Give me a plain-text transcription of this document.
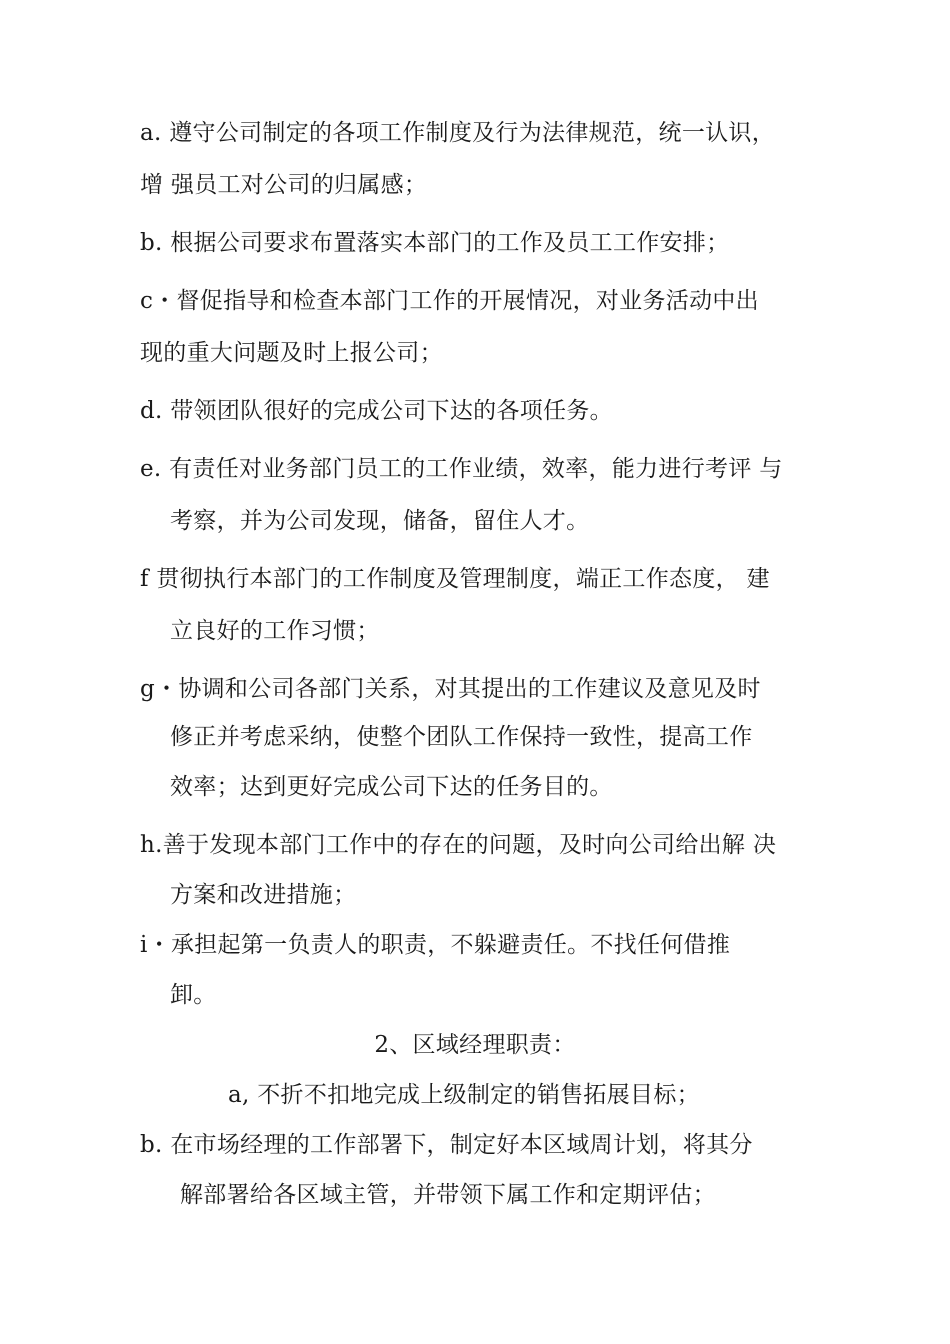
a. 遵守公司制定的各项工作制度及行为法律规范，统一认识，
增 强员工对公司的归属感；
b. 根据公司要求布置落实本部门的工作及员工工作安排；
c・督促指导和检查本部门工作的开展情况，对业务活动中出
现的重大问题及时上报公司；
d. 带领团队很好的完成公司下达的各项任务。
e. 有责任对业务部门员工的工作业绩，效率，能力进行考评 与
考察，并为公司发现，储备，留住人才。
f 贯彻执行本部门的工作制度及管理制度，端正工作态度， 建
立良好的工作习惯；
g・协调和公司各部门关系，对其提出的工作建议及意见及时
修正并考虑采纳，使整个团队工作保持一致性，提高工作
效率；达到更好完成公司下达的任务目的。
h.善于发现本部门工作中的存在的问题，及时向公司给出解 决
方案和改进措施；
i・承担起第一负责人的职责，不躲避责任。不找任何借推
卸。
2、区域经理职责：
a, 不折不扣地完成上级制定的销售拓展目标；
b. 在市场经理的工作部署下，制定好本区域周计划，将其分
解部署给各区域主管，并带领下属工作和定期评估；
